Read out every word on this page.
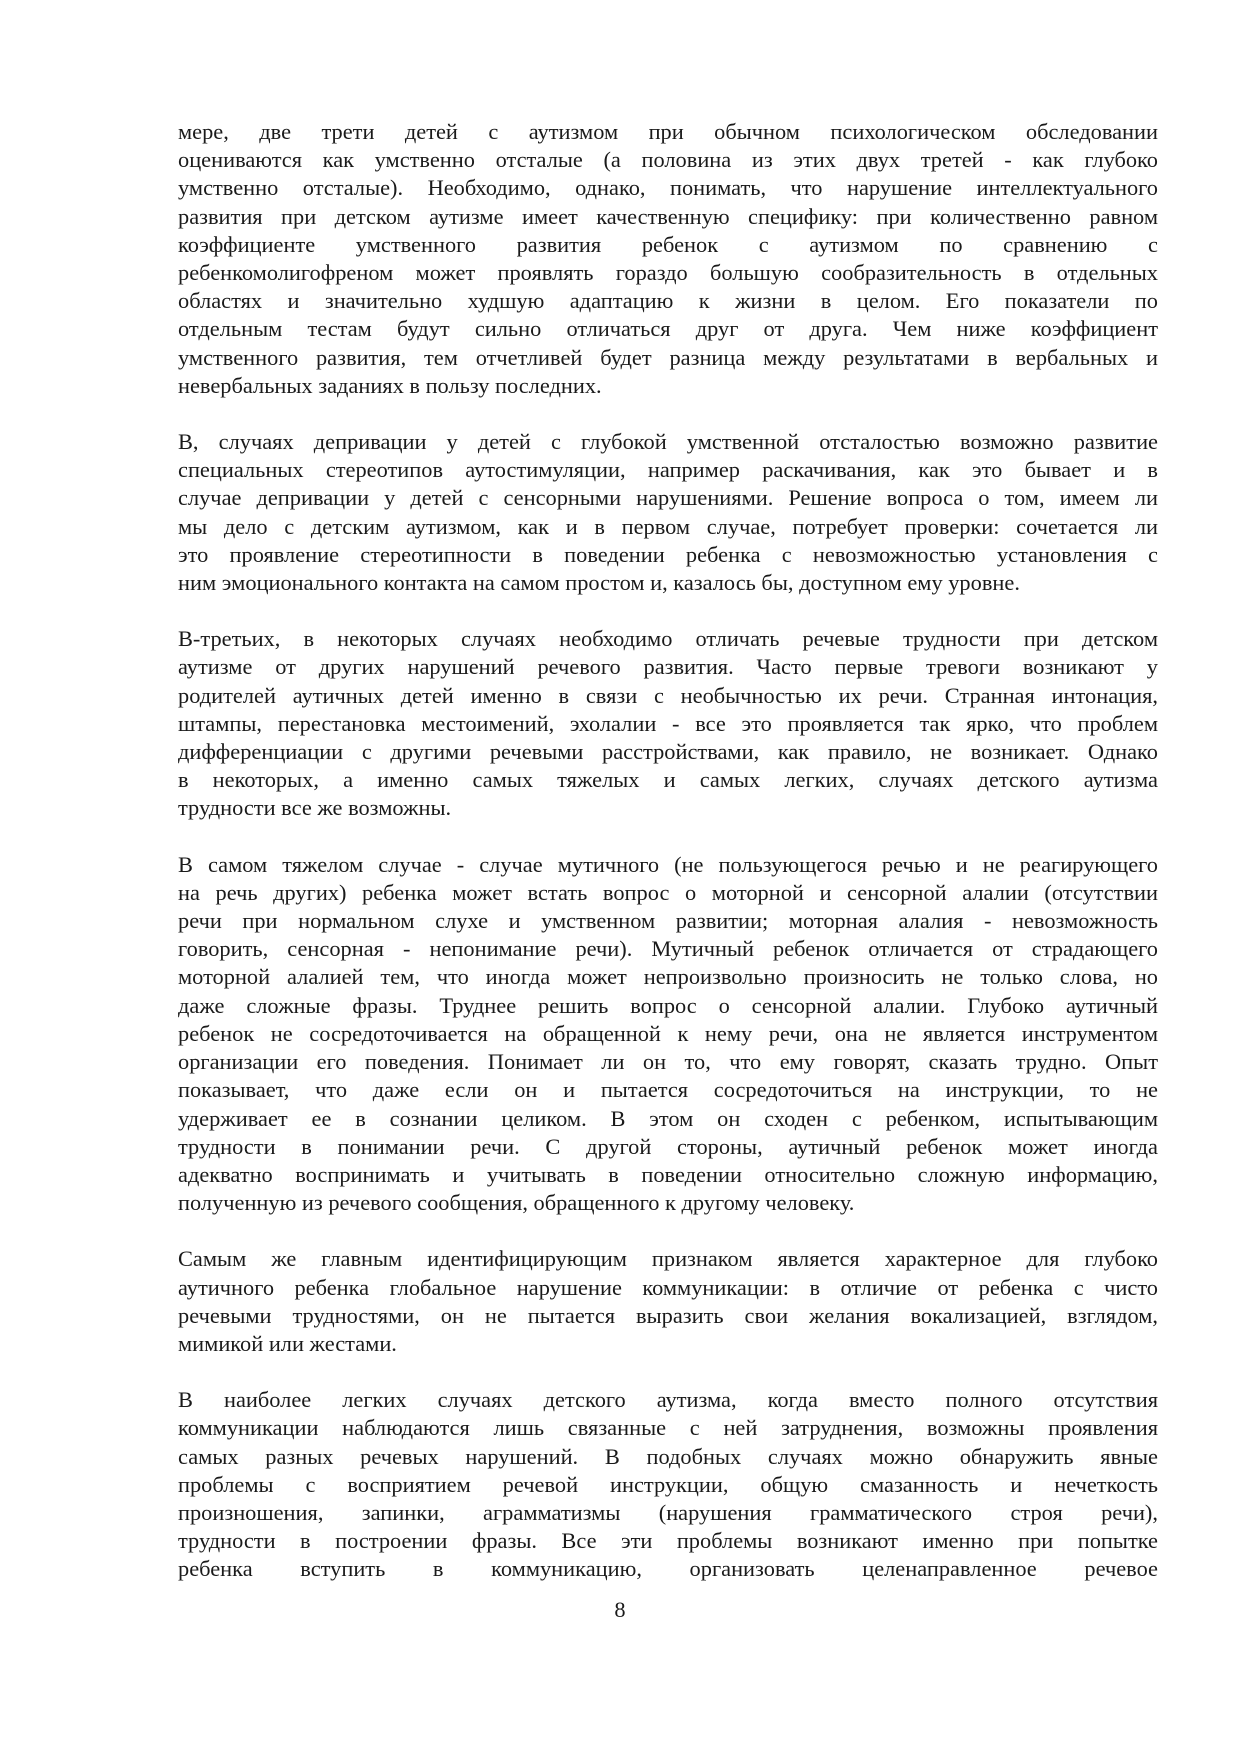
мере, две трети детей с аутизмом при обычном психологическом обследовании
оцениваются как умственно отсталые (а половина из этих двух третей - как глубоко
умственно отсталые). Необходимо, однако, понимать, что нарушение интеллектуального
развития при детском аутизме имеет качественную специфику: при количественно равном
коэффициенте умственного развития ребенок с аутизмом по сравнению с
ребенкомолигофреном может проявлять гораздо большую сообразительность в отдельных
областях и значительно худшую адаптацию к жизни в целом. Его показатели по
отдельным тестам будут сильно отличаться друг от друга. Чем ниже коэффициент
умственного развития, тем отчетливей будет разница между результатами в вербальных и
невербальных заданиях в пользу последних.

В, случаях депривации у детей с глубокой умственной отсталостью возможно развитие
специальных стереотипов аутостимуляции, например раскачивания, как это бывает и в
случае депривации у детей с сенсорными нарушениями. Решение вопроса о том, имеем ли
мы дело с детским аутизмом, как и в первом случае, потребует проверки: сочетается ли
это проявление стереотипности в поведении ребенка с невозможностью установления с
ним эмоционального контакта на самом простом и, казалось бы, доступном ему уровне.

В-третьих, в некоторых случаях необходимо отличать речевые трудности при детском
аутизме от других нарушений речевого развития. Часто первые тревоги возникают у
родителей аутичных детей именно в связи с необычностью их речи. Странная интонация,
штампы, перестановка местоимений, эхолалии - все это проявляется так ярко, что проблем
дифференциации с другими речевыми расстройствами, как правило, не возникает. Однако
в некоторых, а именно самых тяжелых и самых легких, случаях детского аутизма
трудности все же возможны.

В самом тяжелом случае - случае мутичного (не пользующегося речью и не реагирующего
на речь других) ребенка может встать вопрос о моторной и сенсорной алалии (отсутствии
речи при нормальном слухе и умственном развитии; моторная алалия - невозможность
говорить, сенсорная - непонимание речи). Мутичный ребенок отличается от страдающего
моторной алалией тем, что иногда может непроизвольно произносить не только слова, но
даже сложные фразы. Труднее решить вопрос о сенсорной алалии. Глубоко аутичный
ребенок не сосредоточивается на обращенной к нему речи, она не является инструментом
организации его поведения. Понимает ли он то, что ему говорят, сказать трудно. Опыт
показывает, что даже если он и пытается сосредоточиться на инструкции, то не
удерживает ее в сознании целиком. В этом он сходен с ребенком, испытывающим
трудности в понимании речи. С другой стороны, аутичный ребенок может иногда
адекватно воспринимать и учитывать в поведении относительно сложную информацию,
полученную из речевого сообщения, обращенного к другому человеку.

Самым же главным идентифицирующим признаком является характерное для глубоко
аутичного ребенка глобальное нарушение коммуникации: в отличие от ребенка с чисто
речевыми трудностями, он не пытается выразить свои желания вокализацией, взглядом,
мимикой или жестами.

В наиболее легких случаях детского аутизма, когда вместо полного отсутствия
коммуникации наблюдаются лишь связанные с ней затруднения, возможны проявления
самых разных речевых нарушений. В подобных случаях можно обнаружить явные
проблемы с восприятием речевой инструкции, общую смазанность и нечеткость
произношения, запинки, аграмматизмы (нарушения грамматического строя речи),
трудности в построении фразы. Все эти проблемы возникают именно при попытке
ребенка вступить в коммуникацию, организовать целенаправленное речевое

8
